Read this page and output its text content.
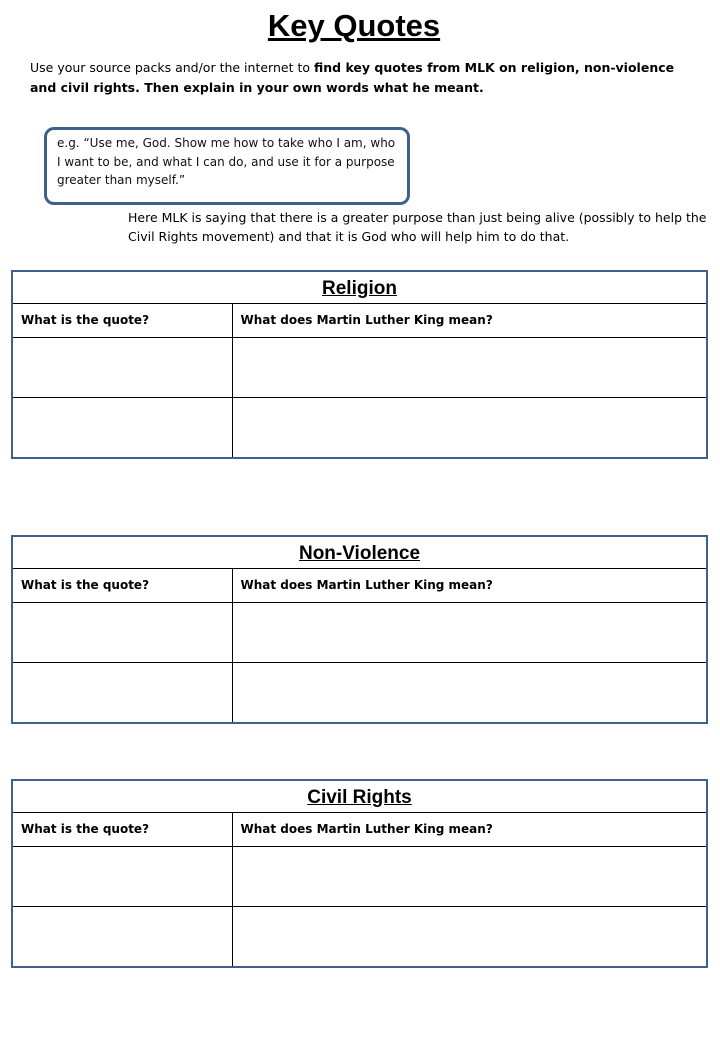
Key Quotes
Use your source packs and/or the internet to find key quotes from MLK on religion, non-violence and civil rights. Then explain in your own words what he meant.
e.g. “Use me, God. Show me how to take who I am, who I want to be, and what I can do, and use it for a purpose greater than myself.”
Here MLK is saying that there is a greater purpose than just being alive (possibly to help the Civil Rights movement) and that it is God who will help him to do that.
Religion
What is the quote?	What does Martin Luther King mean?

Non-Violence
What is the quote?	What does Martin Luther King mean?

Civil Rights
What is the quote?	What does Martin Luther King mean?
